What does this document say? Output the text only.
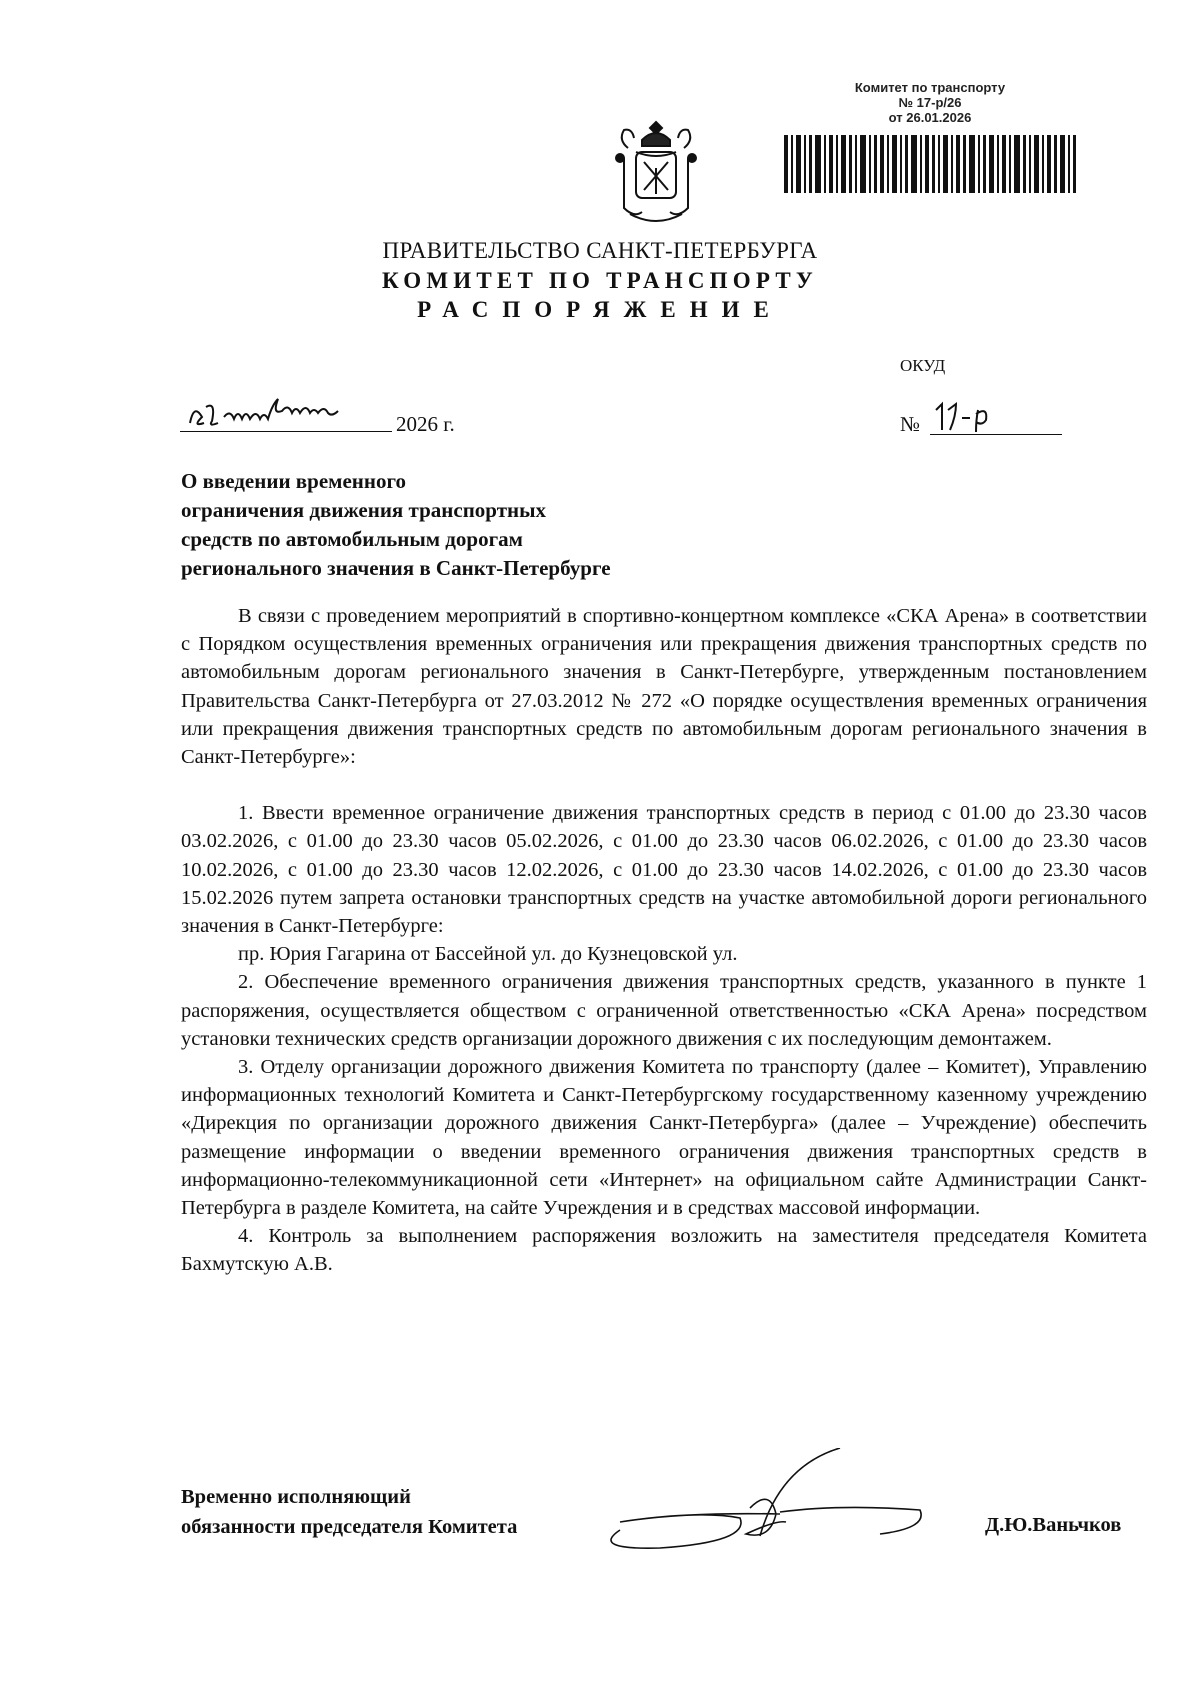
Комитет по транспорту
№ 17-р/26
от 26.01.2026
ПРАВИТЕЛЬСТВО САНКТ-ПЕТЕРБУРГА
КОМИТЕТ ПО ТРАНСПОРТУ
РАСПОРЯЖЕНИЕ
ОКУД
2026 г.	№
О введении временного
ограничения движения транспортных
средств по автомобильным дорогам
регионального значения в Санкт-Петербурге

В связи с проведением мероприятий в спортивно-концертном комплексе «СКА Арена» в соответствии с Порядком осуществления временных ограничения или прекращения движения транспортных средств по автомобильным дорогам регионального значения в Санкт-Петербурге, утвержденным постановлением Правительства Санкт-Петербурга от 27.03.2012 № 272 «О порядке осуществления временных ограничения или прекращения движения транспортных средств по автомобильным дорогам регионального значения в Санкт-Петербурге»:

1. Ввести временное ограничение движения транспортных средств в период с 01.00 до 23.30 часов 03.02.2026, с 01.00 до 23.30 часов 05.02.2026, с 01.00 до 23.30 часов 06.02.2026, с 01.00 до 23.30 часов 10.02.2026, с 01.00 до 23.30 часов 12.02.2026, с 01.00 до 23.30 часов 14.02.2026, с 01.00 до 23.30 часов 15.02.2026 путем запрета остановки транспортных средств на участке автомобильной дороги регионального значения в Санкт-Петербурге:

пр. Юрия Гагарина от Бассейной ул. до Кузнецовской ул.

2. Обеспечение временного ограничения движения транспортных средств, указанного в пункте 1 распоряжения, осуществляется обществом с ограниченной ответственностью «СКА Арена» посредством установки технических средств организации дорожного движения с их последующим демонтажем.

3. Отделу организации дорожного движения Комитета по транспорту (далее – Комитет), Управлению информационных технологий Комитета и Санкт-Петербургскому государственному казенному учреждению «Дирекция по организации дорожного движения Санкт-Петербурга» (далее – Учреждение) обеспечить размещение информации о введении временного ограничения движения транспортных средств в информационно-телекоммуникационной сети «Интернет» на официальном сайте Администрации Санкт-Петербурга в разделе Комитета, на сайте Учреждения и в средствах массовой информации.

4. Контроль за выполнением распоряжения возложить на заместителя председателя Комитета Бахмутскую А.В.

Временно исполняющий
обязанности председателя Комитета	Д.Ю.Ваньчков
